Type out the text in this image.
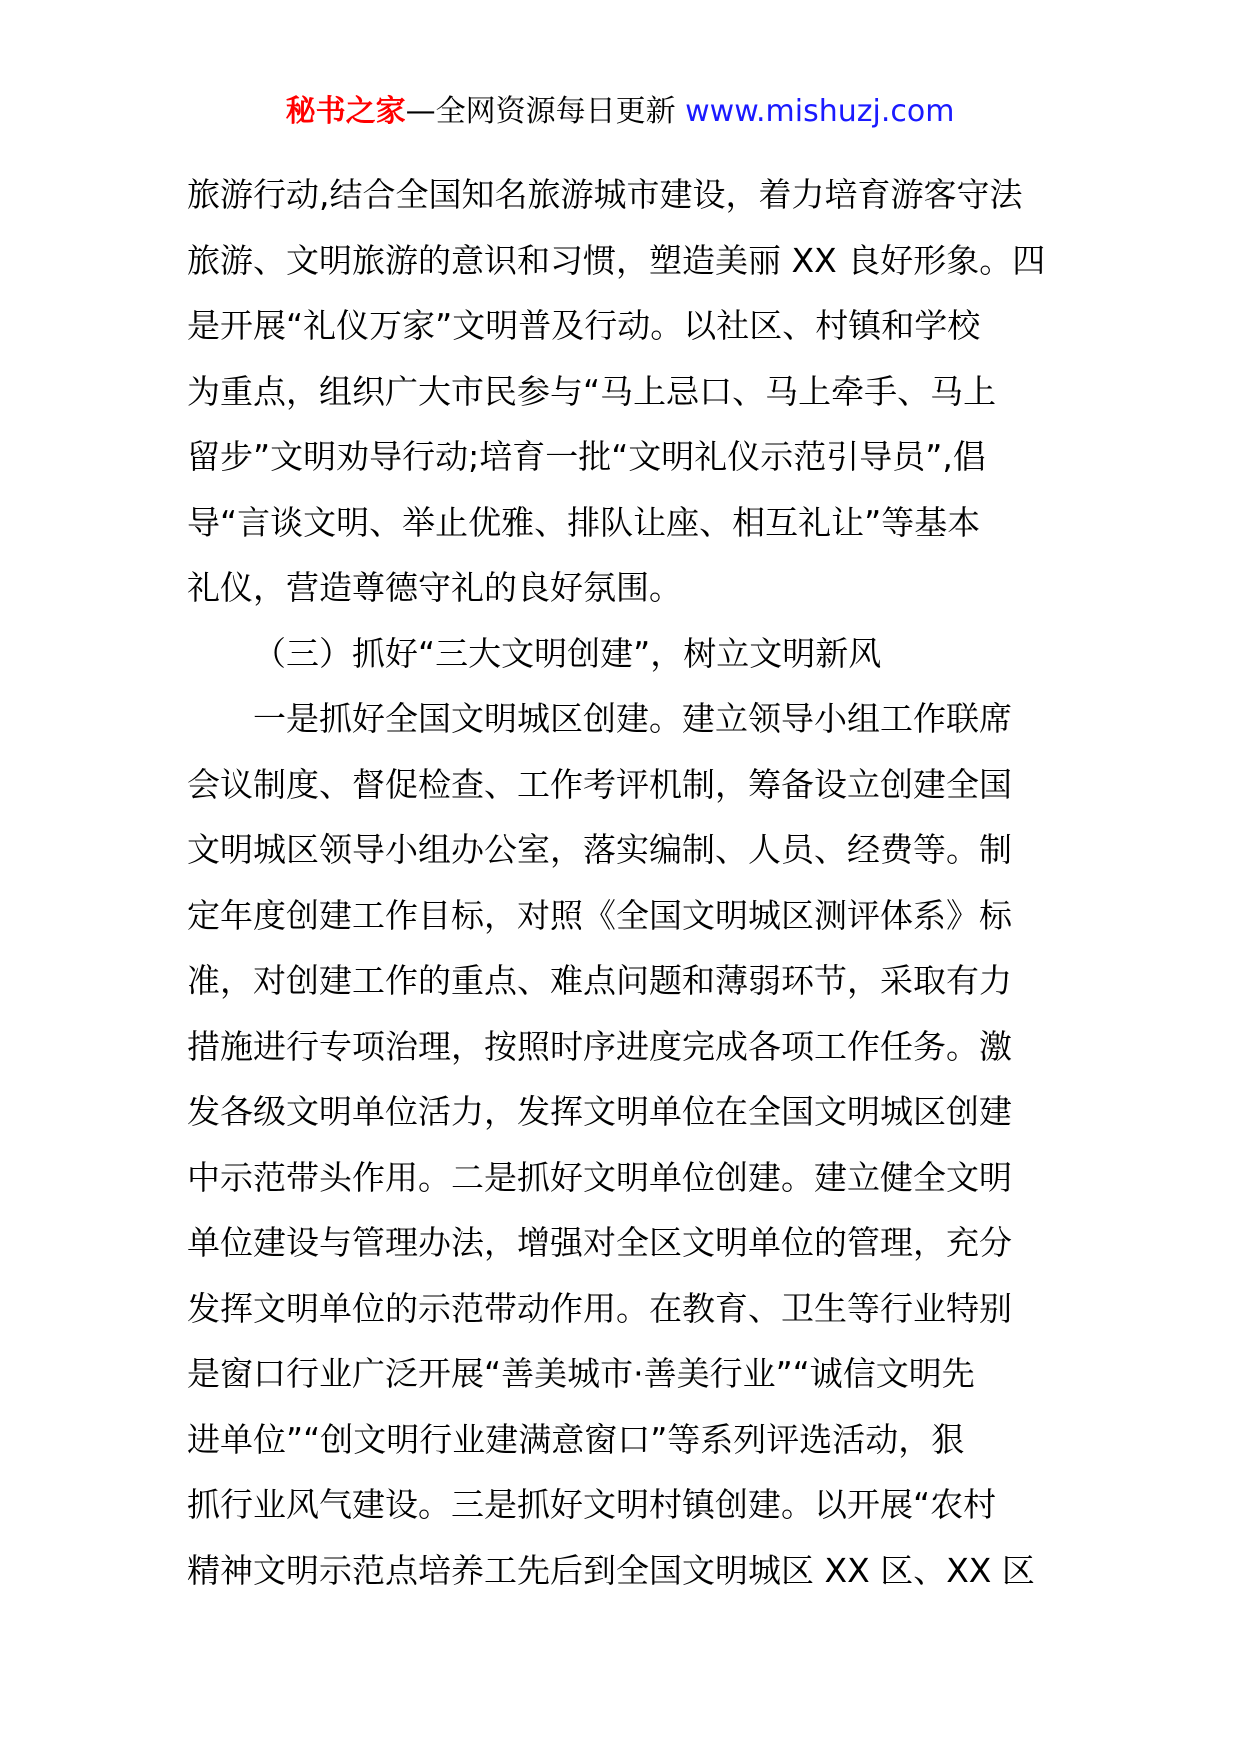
秘书之家—全网资源每日更新 www.mishuzj.com
旅游行动,结合全国知名旅游城市建设，着力培育游客守法
旅游、文明旅游的意识和习惯，塑造美丽 XX 良好形象。四
是开展“礼仪万家”文明普及行动。以社区、村镇和学校
为重点，组织广大市民参与“马上忌口、马上牵手、马上
留步”文明劝导行动;培育一批“文明礼仪示范引导员”,倡
导“言谈文明、举止优雅、排队让座、相互礼让”等基本
礼仪，营造尊德守礼的良好氛围。
（三）抓好“三大文明创建”，树立文明新风
一是抓好全国文明城区创建。建立领导小组工作联席
会议制度、督促检查、工作考评机制，筹备设立创建全国
文明城区领导小组办公室，落实编制、人员、经费等。制
定年度创建工作目标，对照《全国文明城区测评体系》标
准，对创建工作的重点、难点问题和薄弱环节，采取有力
措施进行专项治理，按照时序进度完成各项工作任务。激
发各级文明单位活力，发挥文明单位在全国文明城区创建
中示范带头作用。二是抓好文明单位创建。建立健全文明
单位建设与管理办法，增强对全区文明单位的管理，充分
发挥文明单位的示范带动作用。在教育、卫生等行业特别
是窗口行业广泛开展“善美城市·善美行业”“诚信文明先
进单位”“创文明行业建满意窗口”等系列评选活动，狠
抓行业风气建设。三是抓好文明村镇创建。以开展“农村
精神文明示范点培养工先后到全国文明城区 XX 区、XX 区
